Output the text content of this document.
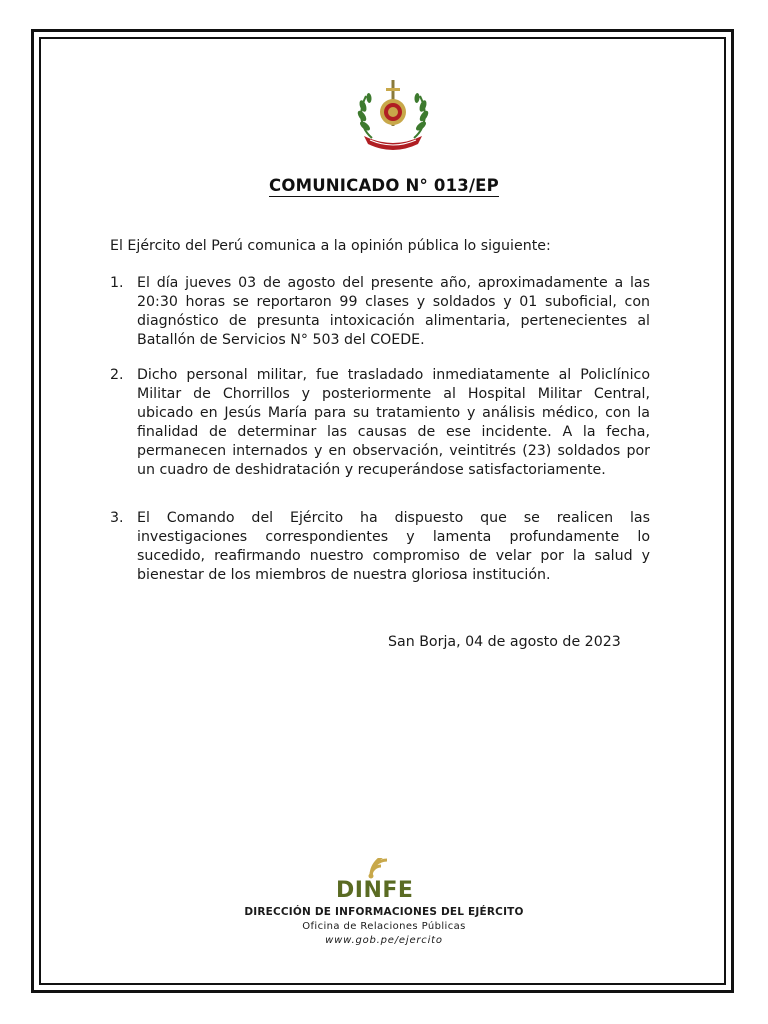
COMUNICADO N° 013/EP
El Ejército del Perú comunica a la opinión pública lo siguiente:
1. El día jueves 03 de agosto del presente año, aproximadamente a las 20:30 horas se reportaron 99 clases y soldados y 01 suboficial, con diagnóstico de presunta intoxicación alimentaria, pertenecientes al Batallón de Servicios N° 503 del COEDE.
2. Dicho personal militar, fue trasladado inmediatamente al Policlínico Militar de Chorrillos y posteriormente al Hospital Militar Central, ubicado en Jesús María para su tratamiento y análisis médico, con la finalidad de determinar las causas de ese incidente. A la fecha, permanecen internados y en observación, veintitrés (23) soldados por un cuadro de deshidratación y recuperándose satisfactoriamente.
3. El Comando del Ejército ha dispuesto que se realicen las investigaciones correspondientes y lamenta profundamente lo sucedido, reafirmando nuestro compromiso de velar por la salud y bienestar de los miembros de nuestra gloriosa institución.
San Borja, 04 de agosto de 2023
DINFE
DIRECCIÓN DE INFORMACIONES DEL EJÉRCITO
Oficina de Relaciones Públicas
www.gob.pe/ejercito
